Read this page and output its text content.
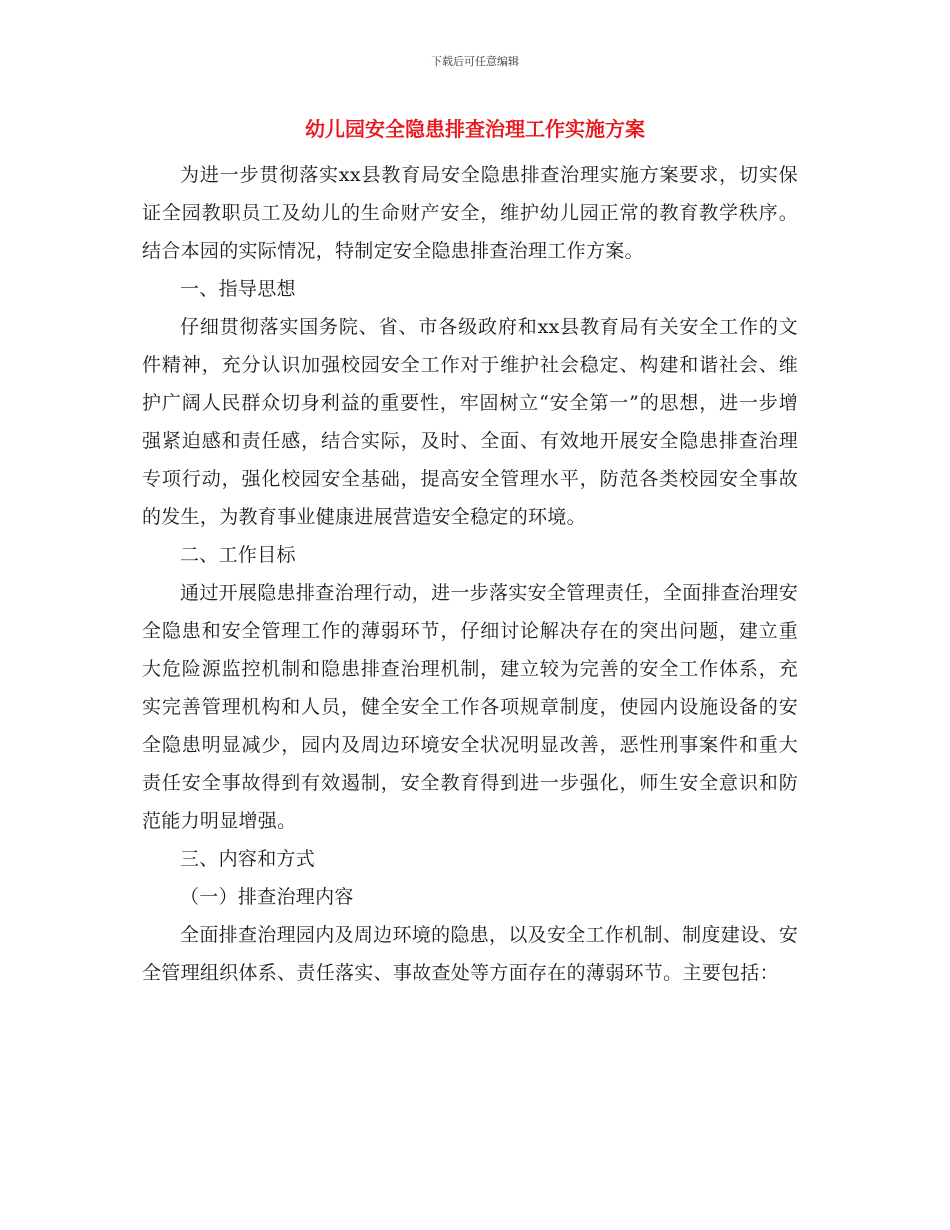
下载后可任意编辑
幼儿园安全隐患排查治理工作实施方案

为进一步贯彻落实xx县教育局安全隐患排查治理实施方案要求，切实保证全园教职员工及幼儿的生命财产安全，维护幼儿园正常的教育教学秩序。结合本园的实际情况，特制定安全隐患排查治理工作方案。

一、指导思想

仔细贯彻落实国务院、省、市各级政府和xx县教育局有关安全工作的文件精神，充分认识加强校园安全工作对于维护社会稳定、构建和谐社会、维护广阔人民群众切身利益的重要性，牢固树立“安全第一”的思想，进一步增强紧迫感和责任感，结合实际，及时、全面、有效地开展安全隐患排查治理专项行动，强化校园安全基础，提高安全管理水平，防范各类校园安全事故的发生，为教育事业健康进展营造安全稳定的环境。

二、工作目标

通过开展隐患排查治理行动，进一步落实安全管理责任，全面排查治理安全隐患和安全管理工作的薄弱环节，仔细讨论解决存在的突出问题，建立重大危险源监控机制和隐患排查治理机制，建立较为完善的安全工作体系，充实完善管理机构和人员，健全安全工作各项规章制度，使园内设施设备的安全隐患明显减少，园内及周边环境安全状况明显改善，恶性刑事案件和重大责任安全事故得到有效遏制，安全教育得到进一步强化，师生安全意识和防范能力明显增强。

三、内容和方式

（一）排查治理内容

全面排查治理园内及周边环境的隐患，以及安全工作机制、制度建设、安全管理组织体系、责任落实、事故查处等方面存在的薄弱环节。主要包括：
